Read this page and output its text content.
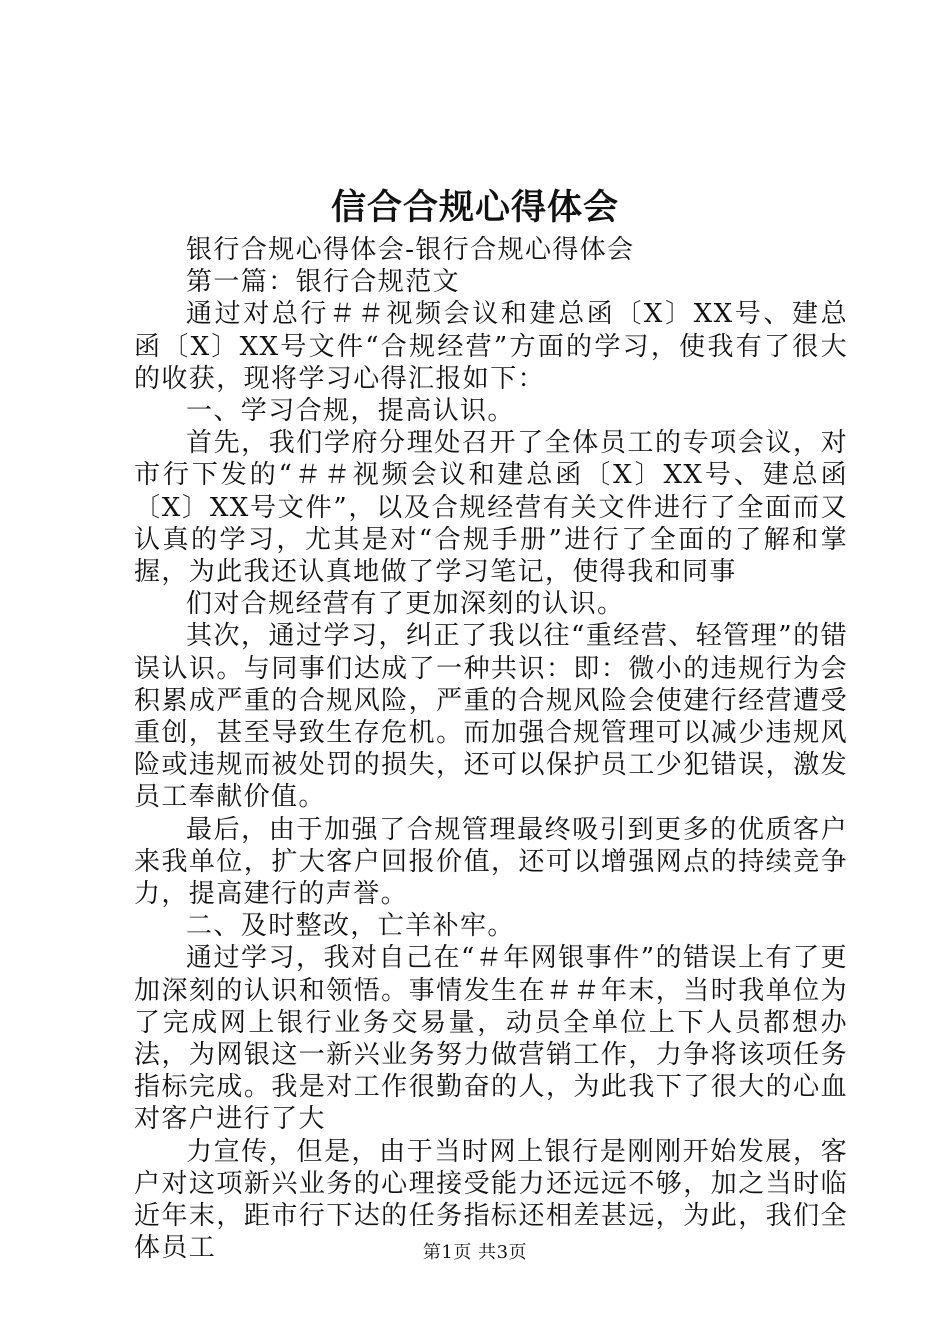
信合合规心得体会

银行合规心得体会-银行合规心得体会

第一篇：银行合规范文

通过对总行＃＃视频会议和建总函〔X〕XX号、建总函〔X〕XX号文件“合规经营”方面的学习，使我有了很大的收获，现将学习心得汇报如下：

一、学习合规，提高认识。

首先，我们学府分理处召开了全体员工的专项会议，对市行下发的“＃＃视频会议和建总函〔X〕XX号、建总函〔X〕XX号文件”，以及合规经营有关文件进行了全面而又认真的学习，尤其是对“合规手册”进行了全面的了解和掌握，为此我还认真地做了学习笔记，使得我和同事

们对合规经营有了更加深刻的认识。

其次，通过学习，纠正了我以往“重经营、轻管理”的错误认识。与同事们达成了一种共识：即：微小的违规行为会积累成严重的合规风险，严重的合规风险会使建行经营遭受重创，甚至导致生存危机。而加强合规管理可以减少违规风险或违规而被处罚的损失，还可以保护员工少犯错误，激发员工奉献价值。

最后，由于加强了合规管理最终吸引到更多的优质客户来我单位，扩大客户回报价值，还可以增强网点的持续竞争力，提高建行的声誉。

二、及时整改，亡羊补牢。

通过学习，我对自己在“＃年网银事件”的错误上有了更加深刻的认识和领悟。事情发生在＃＃年末，当时我单位为了完成网上银行业务交易量，动员全单位上下人员都想办法，为网银这一新兴业务努力做营销工作，力争将该项任务指标完成。我是对工作很勤奋的人，为此我下了很大的心血对客户进行了大

力宣传，但是，由于当时网上银行是刚刚开始发展，客户对这项新兴业务的心理接受能力还远远不够，加之当时临近年末，距市行下达的任务指标还相差甚远，为此，我们全体员工	第1页 共3页
